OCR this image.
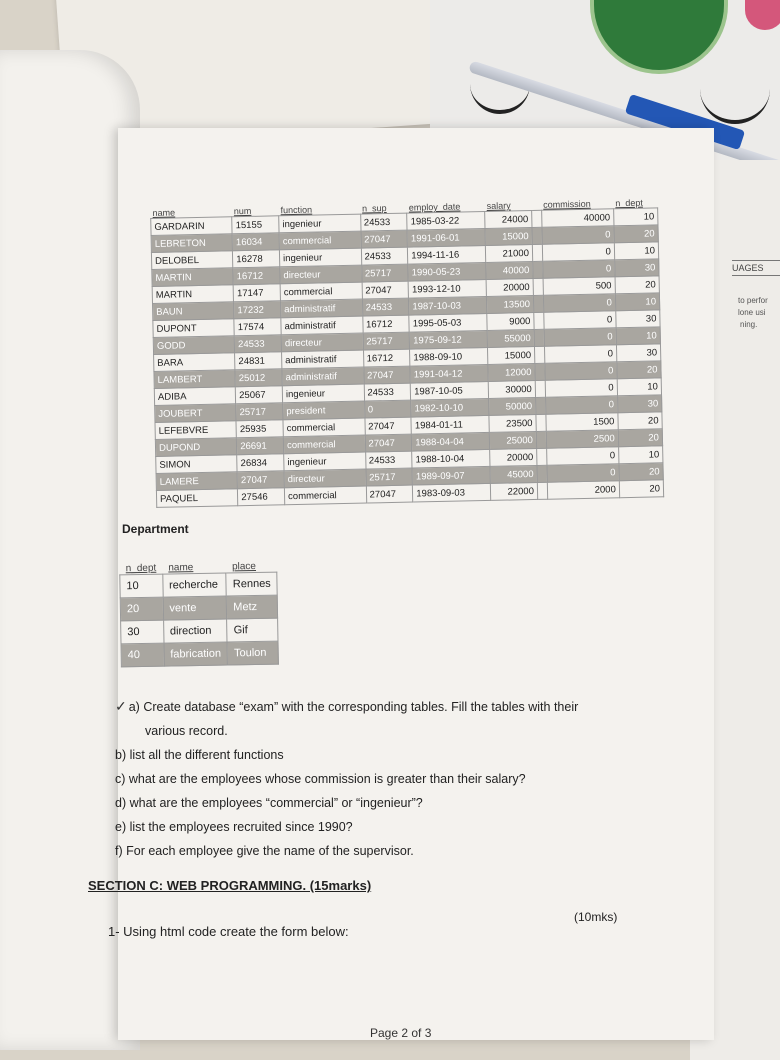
UAGES
to perfor
lone usi
ning.
name	num	function	n_sup	employ_date	salary		commission	n_dept
GARDARIN	15155	ingenieur	24533	1985-03-22	24000		40000	10
LEBRETON	16034	commercial	27047	1991-06-01	15000		0	20
DELOBEL	16278	ingenieur	24533	1994-11-16	21000		0	10
MARTIN	16712	directeur	25717	1990-05-23	40000		0	30
MARTIN	17147	commercial	27047	1993-12-10	20000		500	20
BAUN	17232	administratif	24533	1987-10-03	13500		0	10
DUPONT	17574	administratif	16712	1995-05-03	9000		0	30
GODD	24533	directeur	25717	1975-09-12	55000		0	10
BARA	24831	administratif	16712	1988-09-10	15000		0	30
LAMBERT	25012	administratif	27047	1991-04-12	12000		0	20
ADIBA	25067	ingenieur	24533	1987-10-05	30000		0	10
JOUBERT	25717	president	0	1982-10-10	50000		0	30
LEFEBVRE	25935	commercial	27047	1984-01-11	23500		1500	20
DUPOND	26691	commercial	27047	1988-04-04	25000		2500	20
SIMON	26834	ingenieur	24533	1988-10-04	20000		0	10
LAMERE	27047	directeur	25717	1989-09-07	45000		0	20
PAQUEL	27546	commercial	27047	1983-09-03	22000		2000	20
Department
n_dept	name	place
10	recherche	Rennes
20	vente	Metz
30	direction	Gif
40	fabrication	Toulon
✓ a) Create database “exam” with the corresponding tables. Fill the tables with their
various record.
b) list all the different functions
c) what are the employees whose commission is greater than their salary?
d) what are the employees “commercial” or “ingenieur”?
e) list the employees recruited since 1990?
f) For each employee give the name of the supervisor.
SECTION C: WEB PROGRAMMING. (15marks)
(10mks)
1- Using html code create the form below:
Page 2 of 3
